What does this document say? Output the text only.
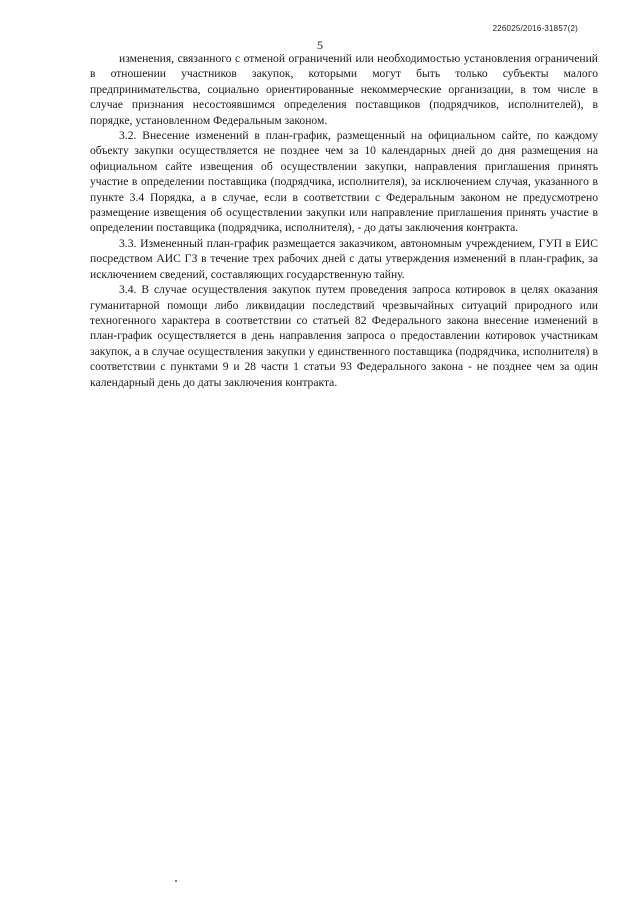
226025/2016-31857(2)
5

изменения, связанного с отменой ограничений или необходимостью установления ограничений в отношении участников закупок, которыми могут быть только субъекты малого предпринимательства, социально ориентированные некоммерческие организации, в том числе в случае признания несостоявшимся определения поставщиков (подрядчиков, исполнителей), в порядке, установленном Федеральным законом.

3.2. Внесение изменений в план-график, размещенный на официальном сайте, по каждому объекту закупки осуществляется не позднее чем за 10 календарных дней до дня размещения на официальном сайте извещения об осуществлении закупки, направления приглашения принять участие в определении поставщика (подрядчика, исполнителя), за исключением случая, указанного в пункте 3.4 Порядка, а в случае, если в соответствии с Федеральным законом не предусмотрено размещение извещения об осуществлении закупки или направление приглашения принять участие в определении поставщика (подрядчика, исполнителя), - до даты заключения контракта.

3.3. Измененный план-график размещается заказчиком, автономным учреждением, ГУП в ЕИС посредством АИС ГЗ в течение трех рабочих дней с даты утверждения изменений в план-график, за исключением сведений, составляющих государственную тайну.

3.4. В случае осуществления закупок путем проведения запроса котировок в целях оказания гуманитарной помощи либо ликвидации последствий чрезвычайных ситуаций природного или техногенного характера в соответствии со статьей 82 Федерального закона внесение изменений в план-график осуществляется в день направления запроса о предоставлении котировок участникам закупок, а в случае осуществления закупки у единственного поставщика (подрядчика, исполнителя) в соответствии с пунктами 9 и 28 части 1 статьи 93 Федерального закона - не позднее чем за один календарный день до даты заключения контракта.
